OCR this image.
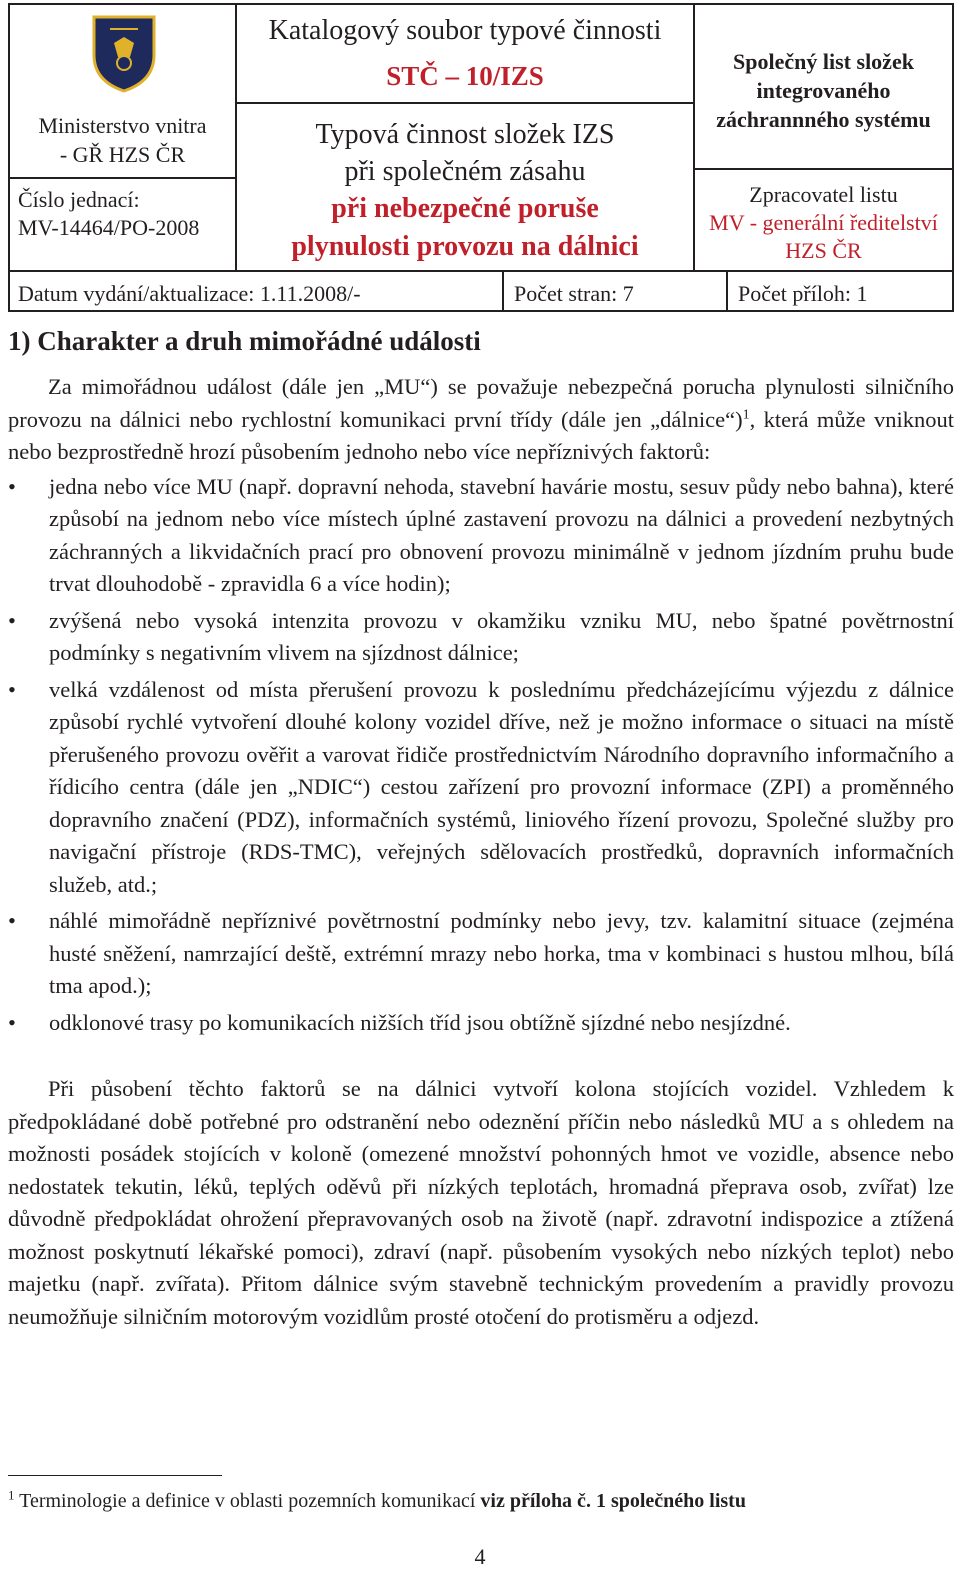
Ministerstvo vnitra
- GŘ HZS ČR
Číslo jednací:
MV-14464/PO-2008
Katalogový soubor typové činnosti
STČ – 10/IZS
Typová činnost složek IZS
při společném zásahu
při nebezpečné poruše
plynulosti provozu na dálnici
Společný list složek
integrovaného
záchrannného systému
Zpracovatel listu
MV - generální ředitelství
HZS ČR
Datum vydání/aktualizace: 1.11.2008/-	Počet stran: 7	Počet příloh: 1
1) Charakter a druh mimořádné události

Za mimořádnou událost (dále jen „MU“) se považuje nebezpečná porucha plynulosti silničního provozu na dálnici nebo rychlostní komunikaci první třídy (dále jen „dálnice“)$^1$, která může vniknout nebo bezprostředně hrozí působením jednoho nebo více nepříznivých faktorů:

• jedna nebo více MU (např. dopravní nehoda, stavební havárie mostu, sesuv půdy nebo bahna), které způsobí na jednom nebo více místech úplné zastavení provozu na dálnici a provedení nezbytných záchranných a likvidačních prací pro obnovení provozu minimálně v jednom jízdním pruhu bude trvat dlouhodobě - zpravidla 6 a více hodin);
• zvýšená nebo vysoká intenzita provozu v okamžiku vzniku MU, nebo špatné povětrnostní podmínky s negativním vlivem na sjízdnost dálnice;
• velká vzdálenost od místa přerušení provozu k poslednímu předcházejícímu výjezdu z dálnice způsobí rychlé vytvoření dlouhé kolony vozidel dříve, než je možno informace o situaci na místě přerušeného provozu ověřit a varovat řidiče prostřednictvím Národního dopravního informačního a řídicího centra (dále jen „NDIC“) cestou zařízení pro provozní informace (ZPI) a proměnného dopravního značení (PDZ), informačních systémů, liniového řízení provozu, Společné služby pro navigační přístroje (RDS-TMC), veřejných sdělovacích prostředků, dopravních informačních služeb, atd.;
• náhlé mimořádně nepříznivé povětrnostní podmínky nebo jevy, tzv. kalamitní situace (zejména husté sněžení, namrzající deště, extrémní mrazy nebo horka, tma v kombinaci s hustou mlhou, bílá tma apod.);
• odklonové trasy po komunikacích nižších tříd jsou obtížně sjízdné nebo nesjízdné.

Při působení těchto faktorů se na dálnici vytvoří kolona stojících vozidel. Vzhledem k předpokládané době potřebné pro odstranění nebo odeznění příčin nebo následků MU a s ohledem na možnosti posádek stojících v koloně (omezené množství pohonných hmot ve vozidle, absence nebo nedostatek tekutin, léků, teplých oděvů při nízkých teplotách, hromadná přeprava osob, zvířat) lze důvodně předpokládat ohrožení přepravovaných osob na životě (např. zdravotní indispozice a ztížená možnost poskytnutí lékařské pomoci), zdraví (např. působením vysokých nebo nízkých teplot) nebo majetku (např. zvířata). Přitom dálnice svým stavebně technickým provedením a pravidly provozu neumožňuje silničním motorovým vozidlům prosté otočení do protisměru a odjezd.

$^1$ Terminologie a definice v oblasti pozemních komunikací viz příloha č. 1 společného listu
4
